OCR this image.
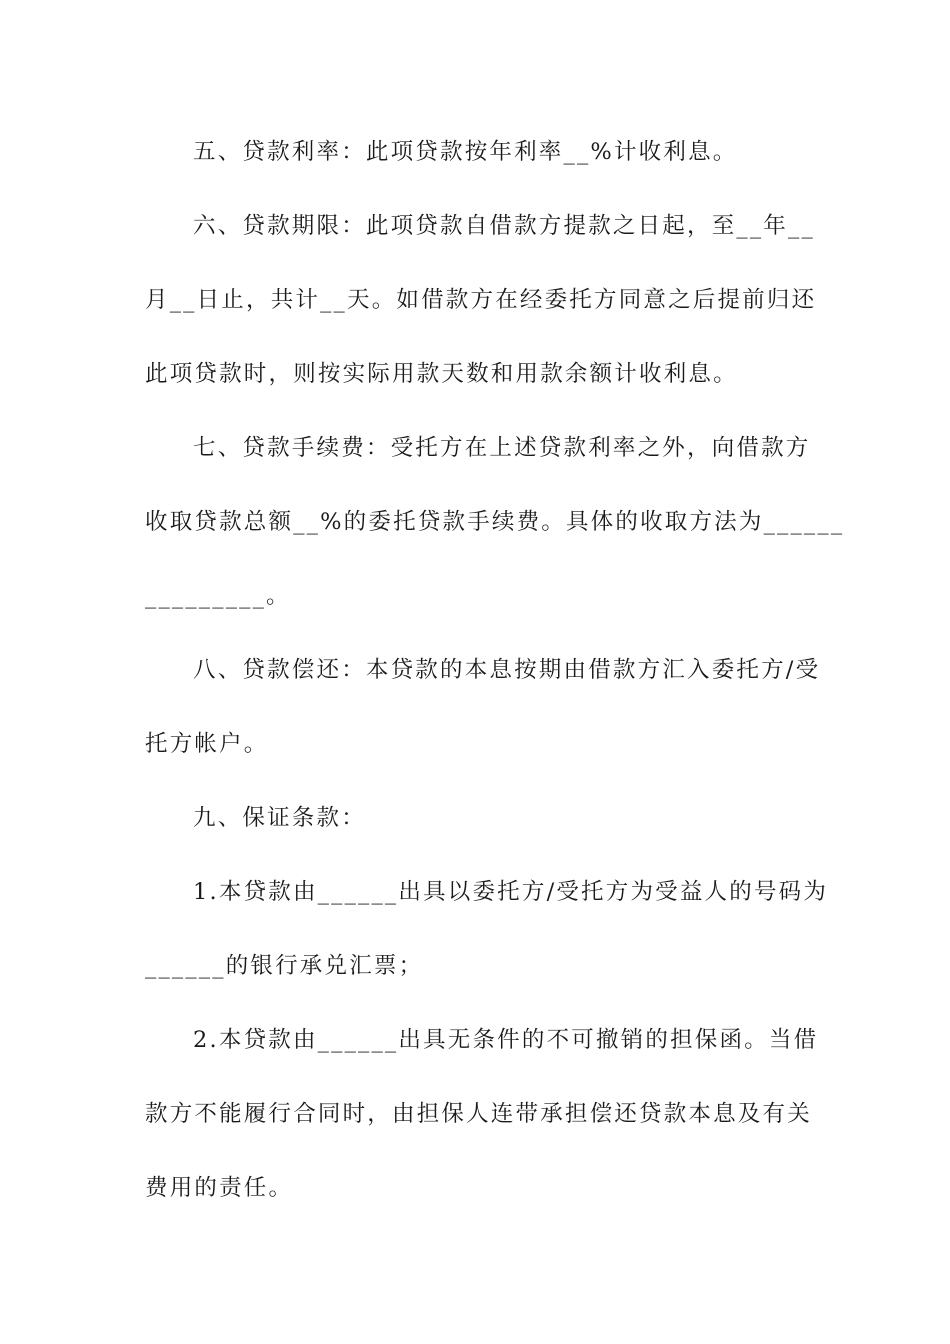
五、贷款利率：此项贷款按年利率__%计收利息。
六、贷款期限：此项贷款自借款方提款之日起，至__年__
月__日止，共计__天。如借款方在经委托方同意之后提前归还
此项贷款时，则按实际用款天数和用款余额计收利息。
七、贷款手续费：受托方在上述贷款利率之外，向借款方
收取贷款总额__%的委托贷款手续费。具体的收取方法为______
_________。
八、贷款偿还：本贷款的本息按期由借款方汇入委托方/受
托方帐户。
九、保证条款：
1.本贷款由______出具以委托方/受托方为受益人的号码为
______的银行承兑汇票；
2.本贷款由______出具无条件的不可撤销的担保函。当借
款方不能履行合同时，由担保人连带承担偿还贷款本息及有关
费用的责任。
